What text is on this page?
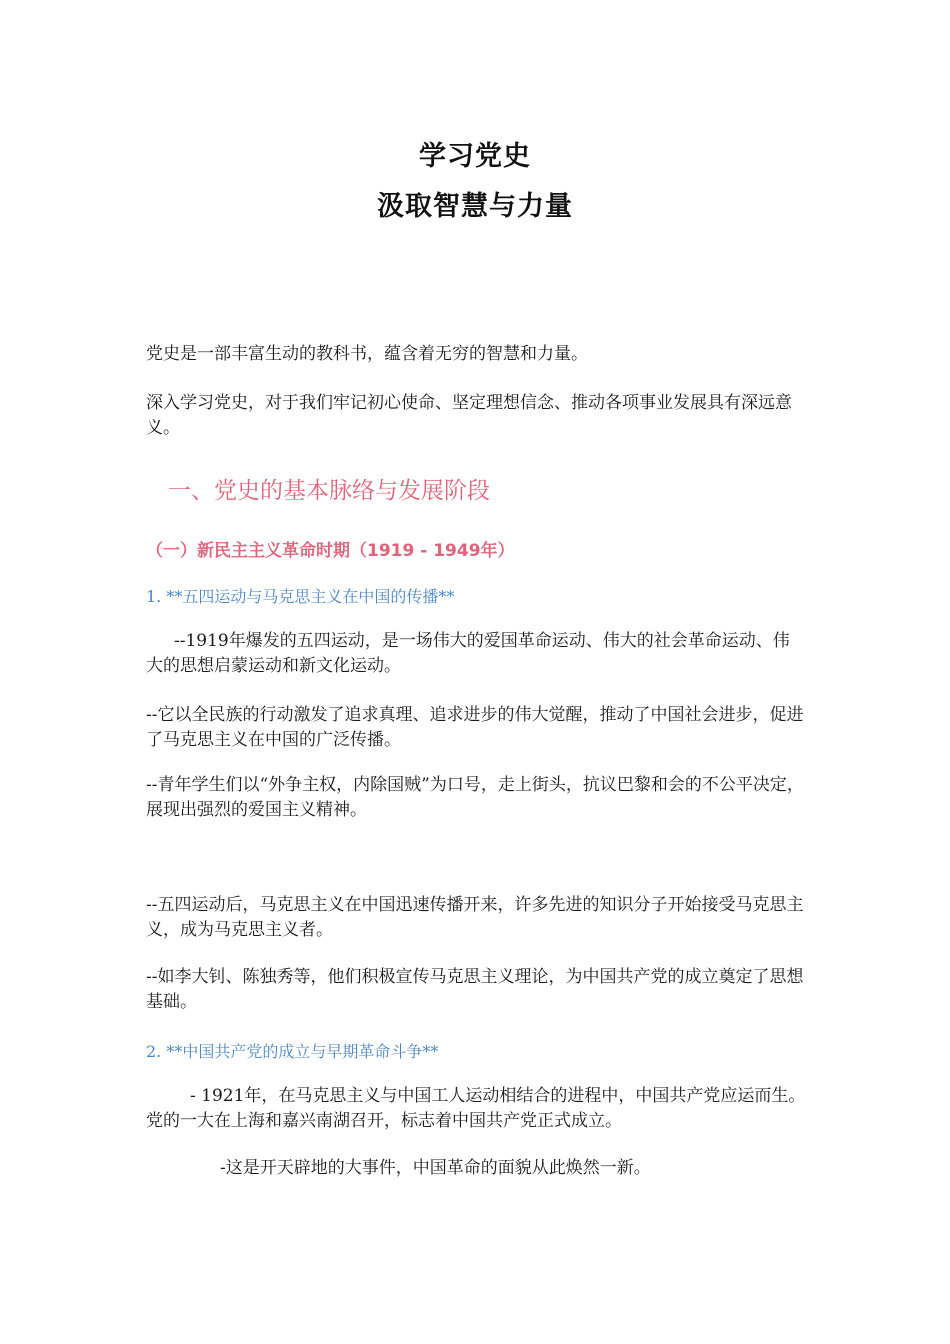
学习党史
汲取智慧与力量

党史是一部丰富生动的教科书，蕴含着无穷的智慧和力量。

深入学习党史，对于我们牢记初心使命、坚定理想信念、推动各项事业发展具有深远意义。

一、党史的基本脉络与发展阶段
（一）新民主主义革命时期（1919 - 1949年）
1. **五四运动与马克思主义在中国的传播**

--1919年爆发的五四运动，是一场伟大的爱国革命运动、伟大的社会革命运动、伟大的思想启蒙运动和新文化运动。

--它以全民族的行动激发了追求真理、追求进步的伟大觉醒，推动了中国社会进步，促进了马克思主义在中国的广泛传播。

--青年学生们以“外争主权，内除国贼”为口号，走上街头，抗议巴黎和会的不公平决定，展现出强烈的爱国主义精神。

--五四运动后，马克思主义在中国迅速传播开来，许多先进的知识分子开始接受马克思主义，成为马克思主义者。

--如李大钊、陈独秀等，他们积极宣传马克思主义理论，为中国共产党的成立奠定了思想基础。

2. **中国共产党的成立与早期革命斗争**

- 1921年，在马克思主义与中国工人运动相结合的进程中，中国共产党应运而生。党的一大在上海和嘉兴南湖召开，标志着中国共产党正式成立。

-这是开天辟地的大事件，中国革命的面貌从此焕然一新。
